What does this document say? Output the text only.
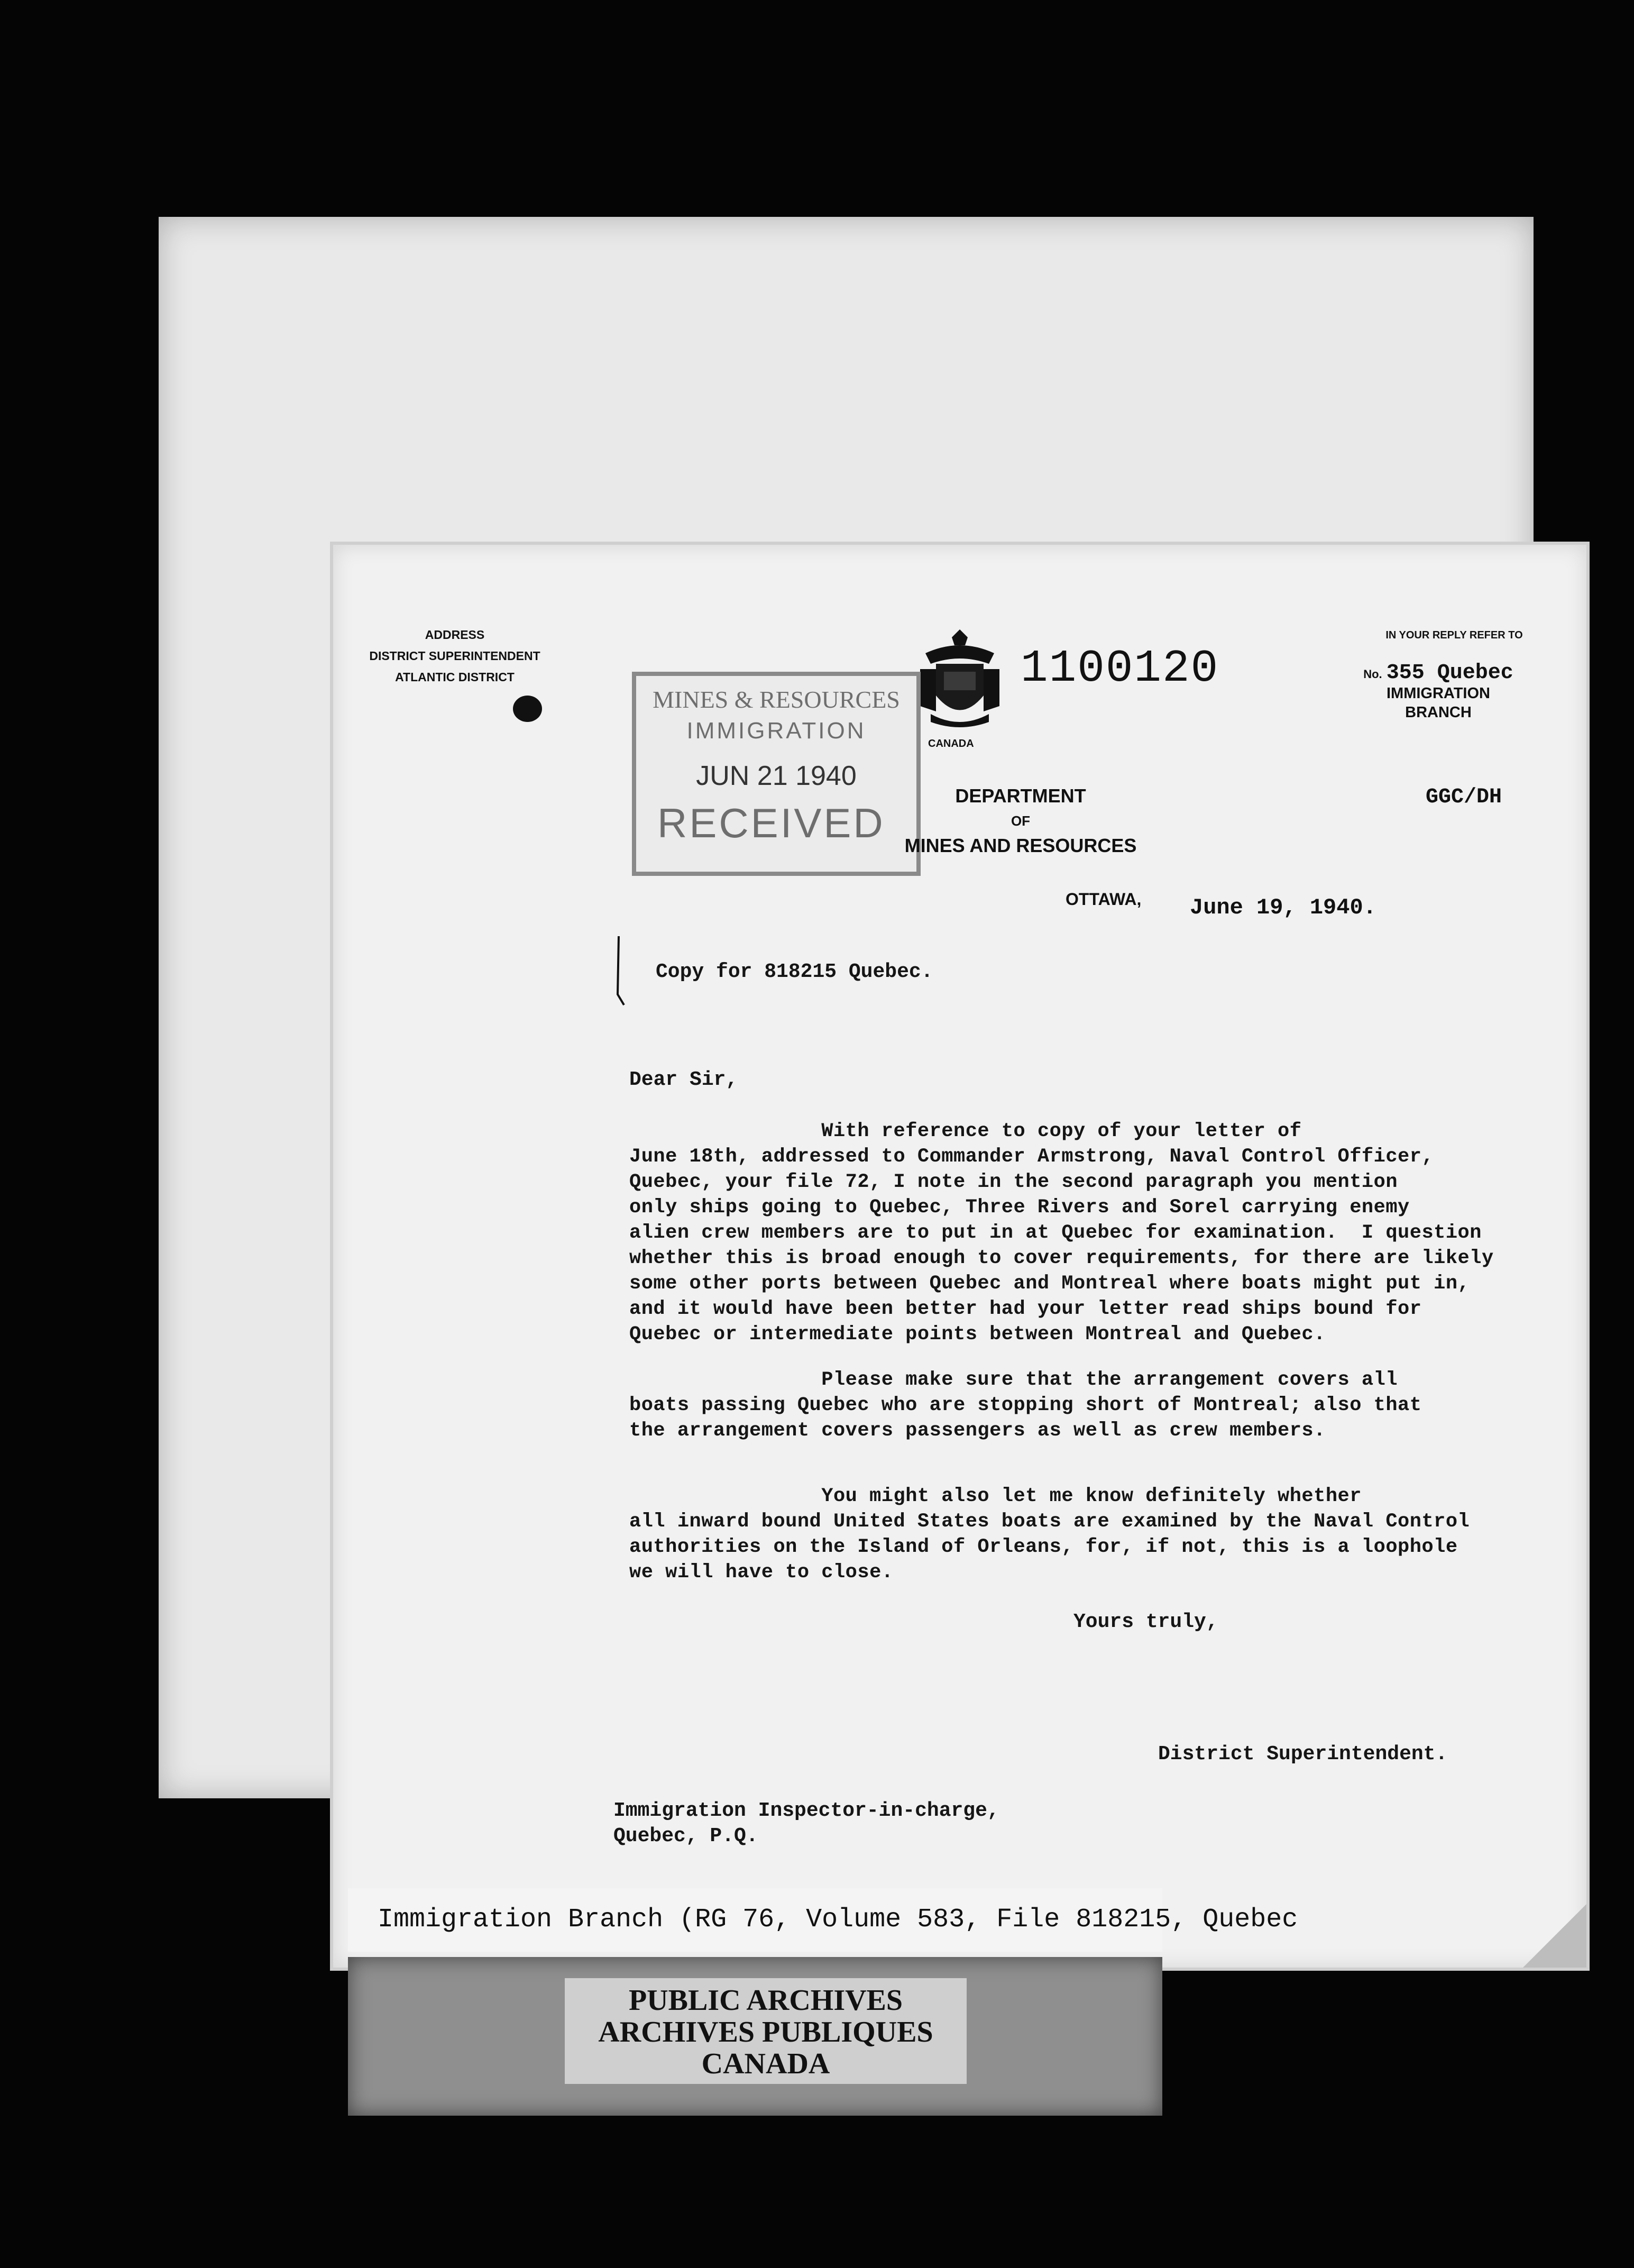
ADDRESS
DISTRICT SUPERINTENDENT
ATLANTIC DISTRICT
CANADA
1100120
MINES & RESOURCES
IMMIGRATION
JUN 21 1940
RECEIVED
DEPARTMENT
OF
MINES AND RESOURCES
IN YOUR REPLY REFER TO
No. 355 Quebec
IMMIGRATION
BRANCH
GGC/DH
OTTAWA, June 19, 1940.
Copy for 818215 Quebec.
Dear Sir,
With reference to copy of your letter of
June 18th, addressed to Commander Armstrong, Naval Control Officer,
Quebec, your file 72, I note in the second paragraph you mention
only ships going to Quebec, Three Rivers and Sorel carrying enemy
alien crew members are to put in at Quebec for examination.  I question
whether this is broad enough to cover requirements, for there are likely
some other ports between Quebec and Montreal where boats might put in,
and it would have been better had your letter read ships bound for
Quebec or intermediate points between Montreal and Quebec.
Please make sure that the arrangement covers all
boats passing Quebec who are stopping short of Montreal; also that
the arrangement covers passengers as well as crew members.
You might also let me know definitely whether
all inward bound United States boats are examined by the Naval Control
authorities on the Island of Orleans, for, if not, this is a loophole
we will have to close.
Yours truly,
District Superintendent.
Immigration Inspector-in-charge,
Quebec, P.Q.
Immigration Branch (RG 76, Volume 583, File 818215, Quebec
PUBLIC ARCHIVES
ARCHIVES PUBLIQUES
CANADA
